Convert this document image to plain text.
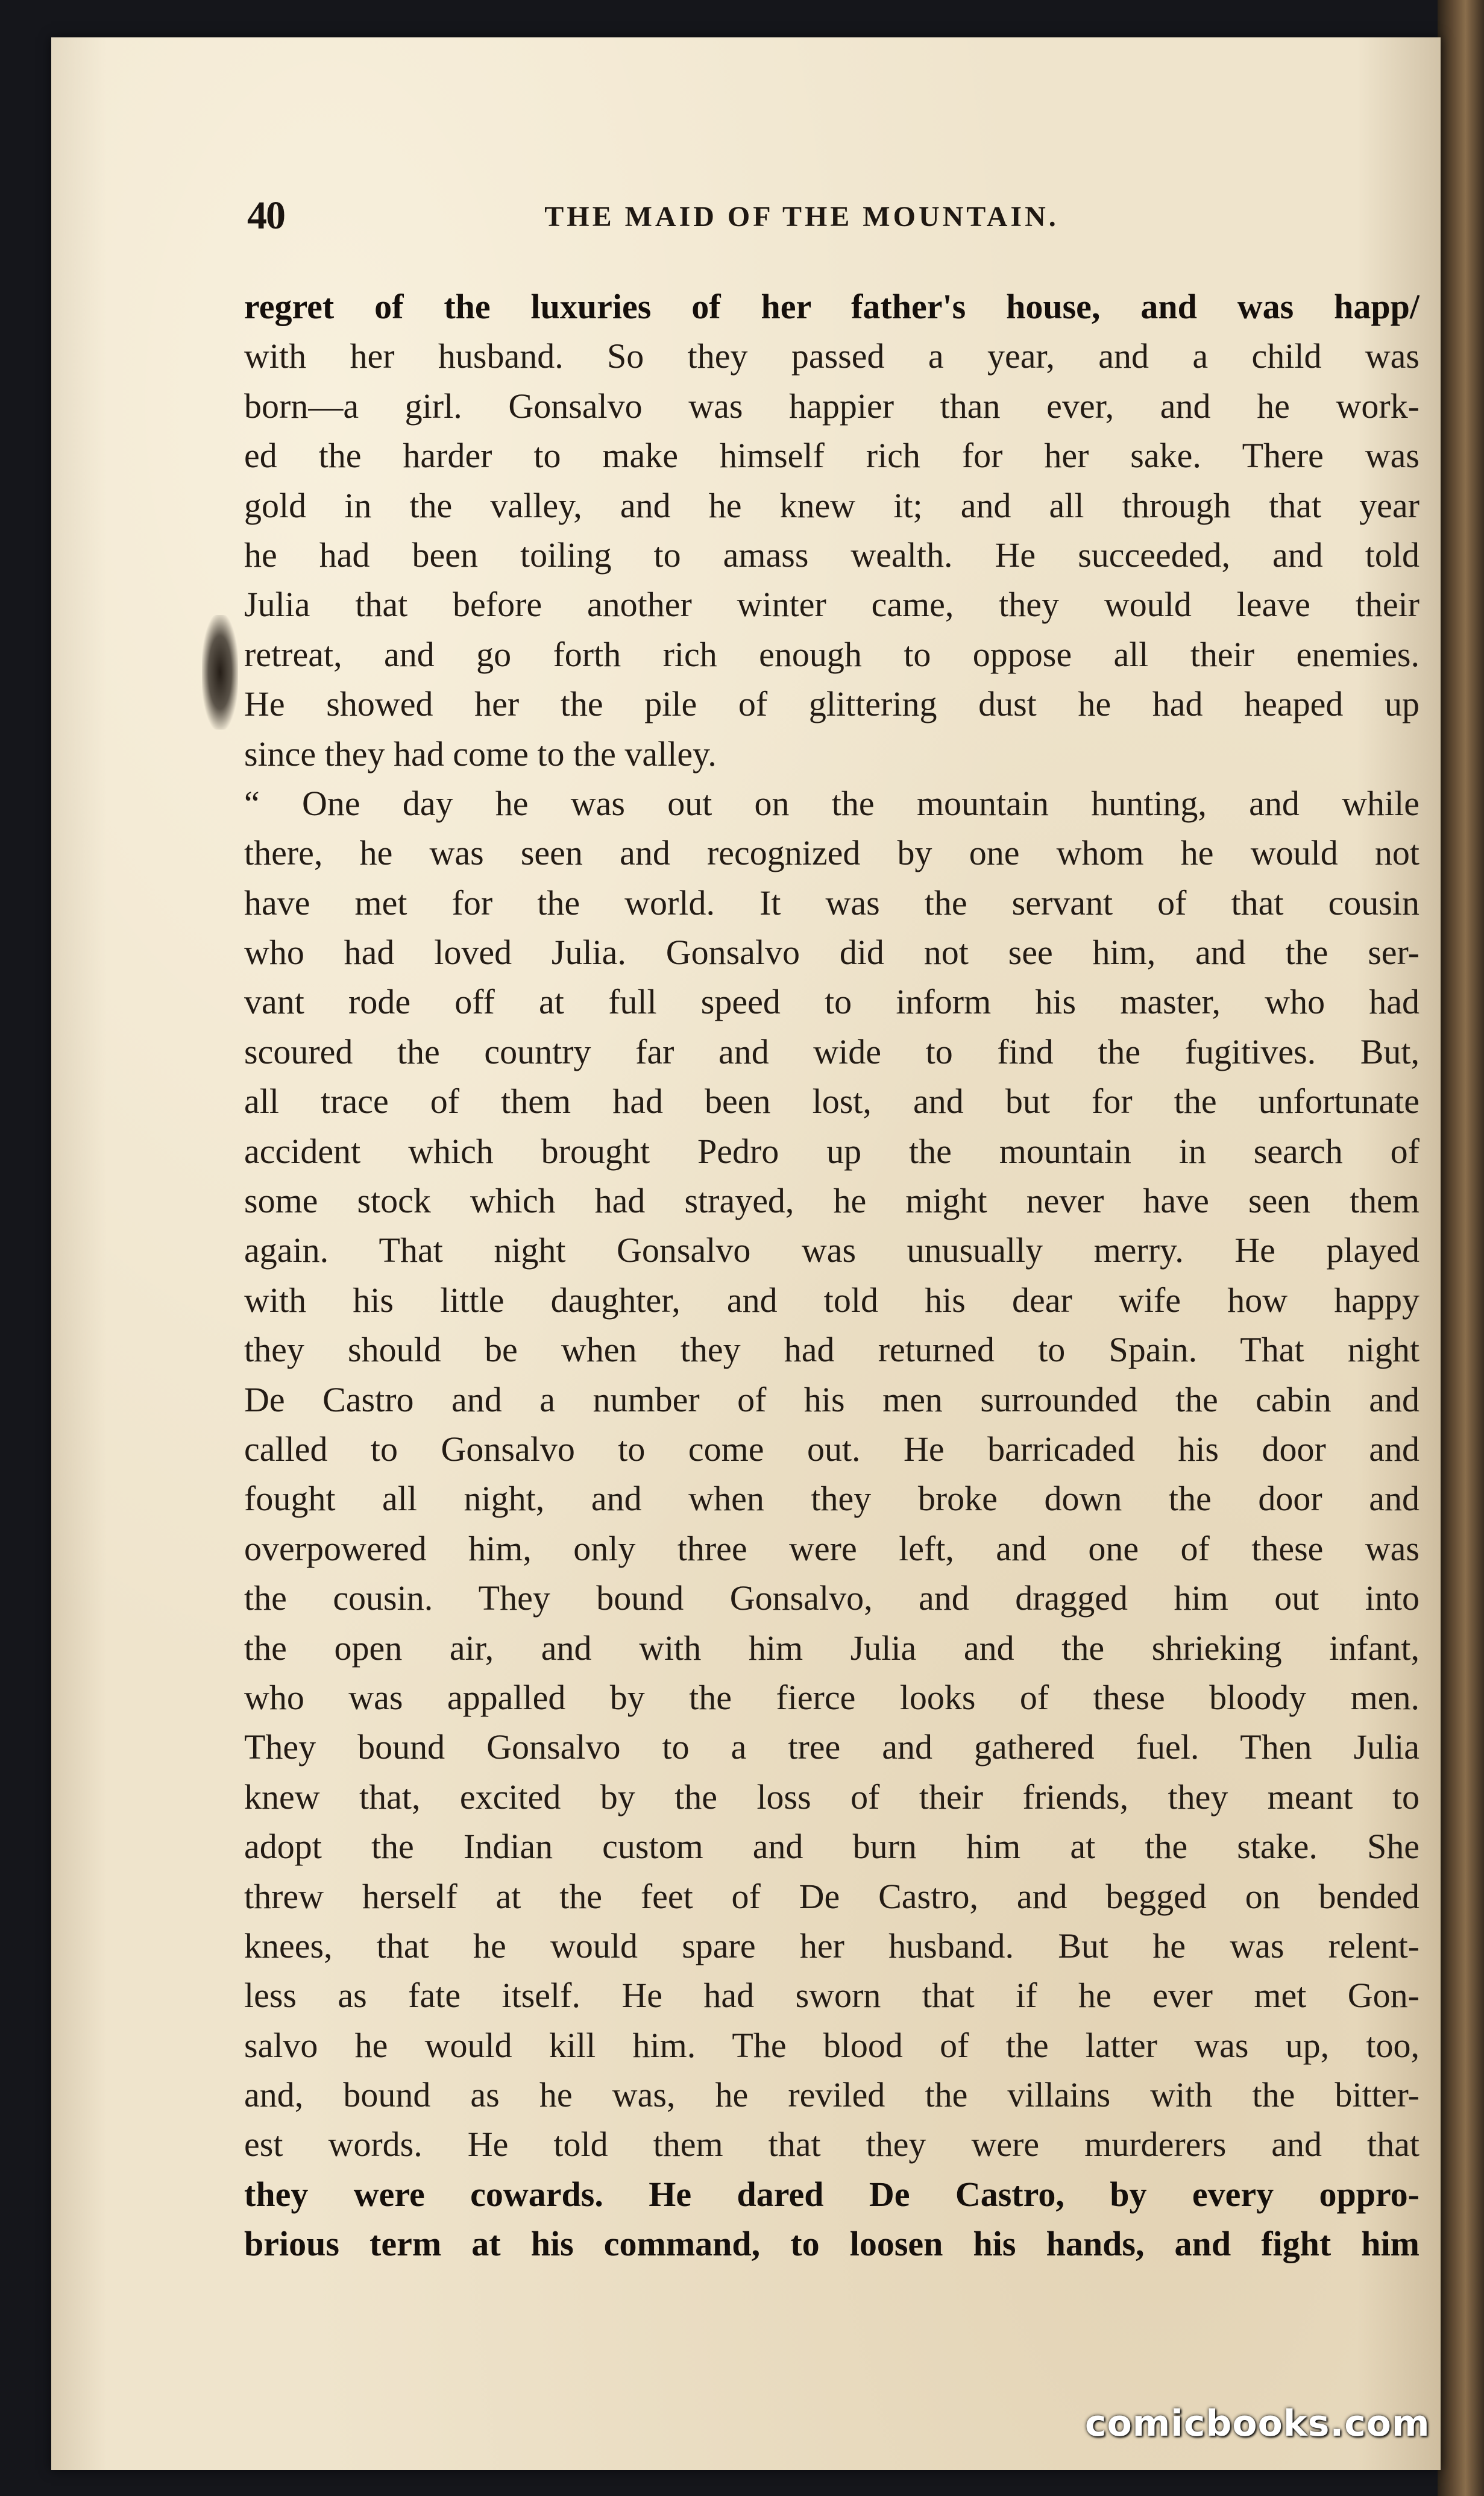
40	THE MAID OF THE MOUNTAIN.
regret of the luxuries of her father's house, and was happ/
with her husband. So they passed a year, and a child was
born—a girl. Gonsalvo was happier than ever, and he work-
ed the harder to make himself rich for her sake. There was
gold in the valley, and he knew it; and all through that year
he had been toiling to amass wealth. He succeeded, and told
Julia that before another winter came, they would leave their
retreat, and go forth rich enough to oppose all their enemies.
He showed her the pile of glittering dust he had heaped up
since they had come to the valley.
“ One day he was out on the mountain hunting, and while
there, he was seen and recognized by one whom he would not
have met for the world. It was the servant of that cousin
who had loved Julia. Gonsalvo did not see him, and the ser-
vant rode off at full speed to inform his master, who had
scoured the country far and wide to find the fugitives. But,
all trace of them had been lost, and but for the unfortunate
accident which brought Pedro up the mountain in search of
some stock which had strayed, he might never have seen them
again. That night Gonsalvo was unusually merry. He played
with his little daughter, and told his dear wife how happy
they should be when they had returned to Spain. That night
De Castro and a number of his men surrounded the cabin and
called to Gonsalvo to come out. He barricaded his door and
fought all night, and when they broke down the door and
overpowered him, only three were left, and one of these was
the cousin. They bound Gonsalvo, and dragged him out into
the open air, and with him Julia and the shrieking infant,
who was appalled by the fierce looks of these bloody men.
They bound Gonsalvo to a tree and gathered fuel. Then Julia
knew that, excited by the loss of their friends, they meant to
adopt the Indian custom and burn him at the stake. She
threw herself at the feet of De Castro, and begged on bended
knees, that he would spare her husband. But he was relent-
less as fate itself. He had sworn that if he ever met Gon-
salvo he would kill him. The blood of the latter was up, too,
and, bound as he was, he reviled the villains with the bitter-
est words. He told them that they were murderers and that
they were cowards. He dared De Castro, by every oppro-
brious term at his command, to loosen his hands, and fight him
comicbooks.com
